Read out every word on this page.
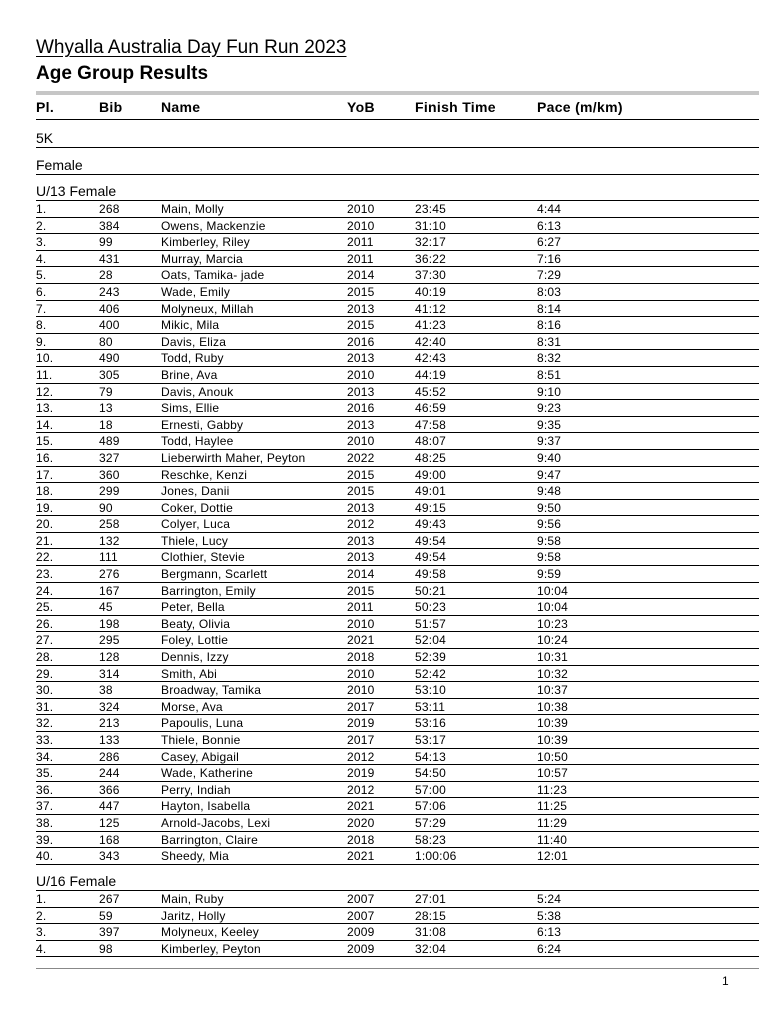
Whyalla Australia Day Fun Run 2023
Age Group Results
Pl.	Bib	Name	YoB	Finish Time	Pace (m/km)
5K
Female
U/13 Female
1.	268	Main, Molly	2010	23:45	4:44
2.	384	Owens, Mackenzie	2010	31:10	6:13
3.	99	Kimberley, Riley	2011	32:17	6:27
4.	431	Murray, Marcia	2011	36:22	7:16
5.	28	Oats, Tamika- jade	2014	37:30	7:29
6.	243	Wade, Emily	2015	40:19	8:03
7.	406	Molyneux, Millah	2013	41:12	8:14
8.	400	Mikic, Mila	2015	41:23	8:16
9.	80	Davis, Eliza	2016	42:40	8:31
10.	490	Todd, Ruby	2013	42:43	8:32
11.	305	Brine, Ava	2010	44:19	8:51
12.	79	Davis, Anouk	2013	45:52	9:10
13.	13	Sims, Ellie	2016	46:59	9:23
14.	18	Ernesti, Gabby	2013	47:58	9:35
15.	489	Todd, Haylee	2010	48:07	9:37
16.	327	Lieberwirth Maher, Peyton	2022	48:25	9:40
17.	360	Reschke, Kenzi	2015	49:00	9:47
18.	299	Jones, Danii	2015	49:01	9:48
19.	90	Coker, Dottie	2013	49:15	9:50
20.	258	Colyer, Luca	2012	49:43	9:56
21.	132	Thiele, Lucy	2013	49:54	9:58
22.	111	Clothier, Stevie	2013	49:54	9:58
23.	276	Bergmann, Scarlett	2014	49:58	9:59
24.	167	Barrington, Emily	2015	50:21	10:04
25.	45	Peter, Bella	2011	50:23	10:04
26.	198	Beaty, Olivia	2010	51:57	10:23
27.	295	Foley, Lottie	2021	52:04	10:24
28.	128	Dennis, Izzy	2018	52:39	10:31
29.	314	Smith, Abi	2010	52:42	10:32
30.	38	Broadway, Tamika	2010	53:10	10:37
31.	324	Morse, Ava	2017	53:11	10:38
32.	213	Papoulis, Luna	2019	53:16	10:39
33.	133	Thiele, Bonnie	2017	53:17	10:39
34.	286	Casey, Abigail	2012	54:13	10:50
35.	244	Wade, Katherine	2019	54:50	10:57
36.	366	Perry, Indiah	2012	57:00	11:23
37.	447	Hayton, Isabella	2021	57:06	11:25
38.	125	Arnold-Jacobs, Lexi	2020	57:29	11:29
39.	168	Barrington, Claire	2018	58:23	11:40
40.	343	Sheedy, Mia	2021	1:00:06	12:01
U/16 Female
1.	267	Main, Ruby	2007	27:01	5:24
2.	59	Jaritz, Holly	2007	28:15	5:38
3.	397	Molyneux, Keeley	2009	31:08	6:13
4.	98	Kimberley, Peyton	2009	32:04	6:24
1
